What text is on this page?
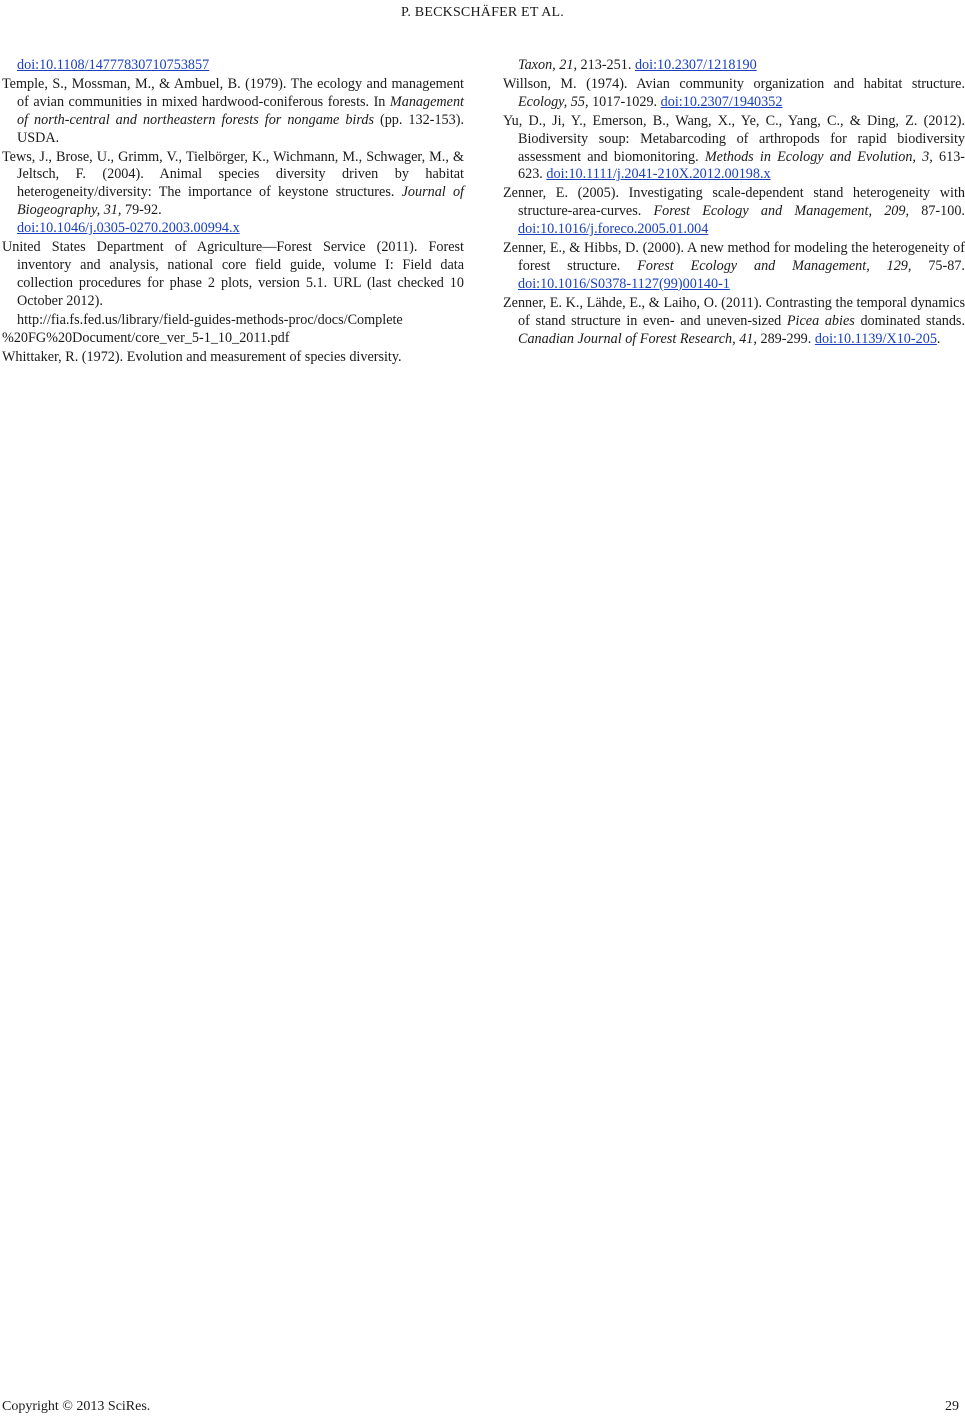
P. BECKSCHÄFER ET AL.

doi:10.1108/14777830710753857

Temple, S., Mossman, M., & Ambuel, B. (1979). The ecology and management of avian communities in mixed hardwood-coniferous forests. In Management of north-central and northeastern forests for nongame birds (pp. 132-153). USDA.

Tews, J., Brose, U., Grimm, V., Tielbörger, K., Wichmann, M., Schwager, M., & Jeltsch, F. (2004). Animal species diversity driven by habitat heterogeneity/diversity: The importance of keystone structures. Journal of Biogeography, 31, 79-92.
doi:10.1046/j.0305-0270.2003.00994.x

United States Department of Agriculture—Forest Service (2011). Forest inventory and analysis, national core field guide, volume I: Field data collection procedures for phase 2 plots, version 5.1. URL (last checked 10 October 2012).

http://fia.fs.fed.us/library/field-guides-methods-proc/docs/Complete

%20FG%20Document/core_ver_5-1_10_2011.pdf

Whittaker, R. (1972). Evolution and measurement of species diversity.

Taxon, 21, 213-251. doi:10.2307/1218190

Willson, M. (1974). Avian community organization and habitat structure. Ecology, 55, 1017-1029. doi:10.2307/1940352

Yu, D., Ji, Y., Emerson, B., Wang, X., Ye, C., Yang, C., & Ding, Z. (2012). Biodiversity soup: Metabarcoding of arthropods for rapid biodiversity assessment and biomonitoring. Methods in Ecology and Evolution, 3, 613-623. doi:10.1111/j.2041-210X.2012.00198.x

Zenner, E. (2005). Investigating scale-dependent stand heterogeneity with structure-area-curves. Forest Ecology and Management, 209, 87-100. doi:10.1016/j.foreco.2005.01.004

Zenner, E., & Hibbs, D. (2000). A new method for modeling the heterogeneity of forest structure. Forest Ecology and Management, 129, 75-87. doi:10.1016/S0378-1127(99)00140-1

Zenner, E. K., Lähde, E., & Laiho, O. (2011). Contrasting the temporal dynamics of stand structure in even- and uneven-sized Picea abies dominated stands. Canadian Journal of Forest Research, 41, 289-299. doi:10.1139/X10-205.

Copyright © 2013 SciRes.	29
